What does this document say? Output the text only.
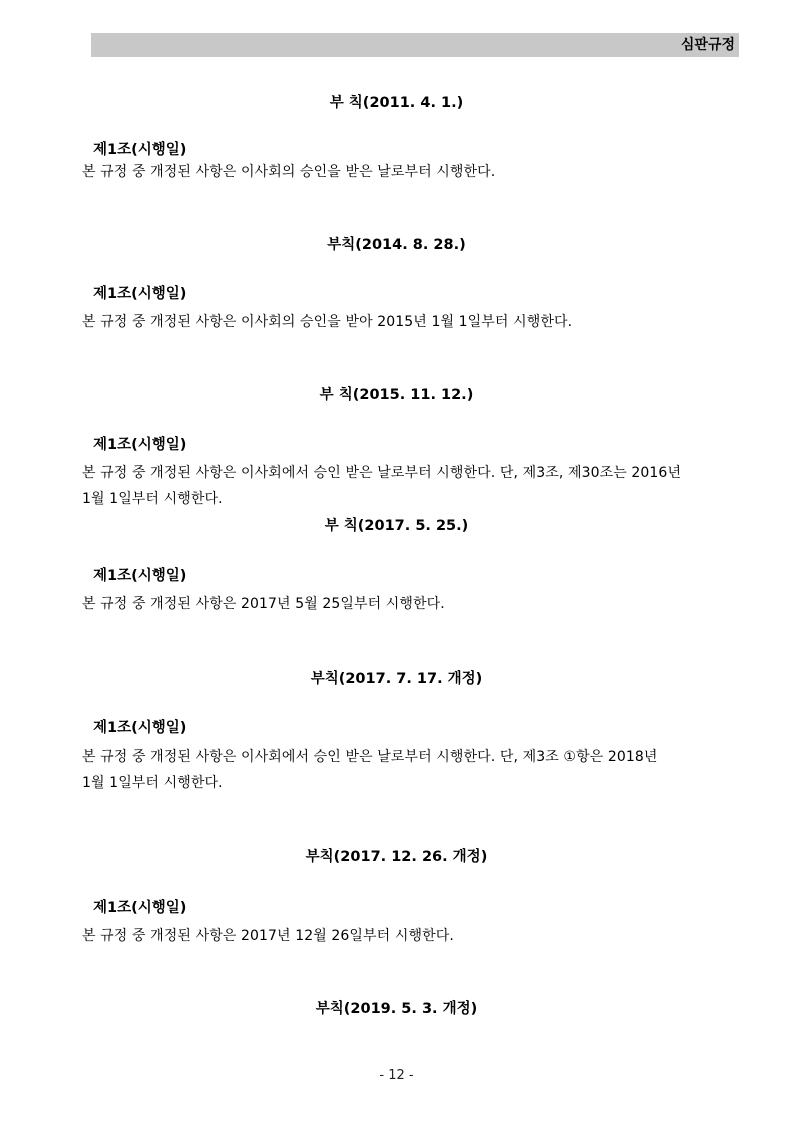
심판규정
부 칙(2011. 4. 1.)
제1조(시행일)
본 규정 중 개정된 사항은 이사회의 승인을 받은 날로부터 시행한다.
부칙(2014. 8. 28.)
제1조(시행일)
본 규정 중 개정된 사항은 이사회의 승인을 받아 2015년 1월 1일부터 시행한다.
부 칙(2015. 11. 12.)
제1조(시행일)
본 규정 중 개정된 사항은 이사회에서 승인 받은 날로부터 시행한다. 단, 제3조, 제30조는 2016년
1월 1일부터 시행한다.
부 칙(2017. 5. 25.)
제1조(시행일)
본 규정 중 개정된 사항은 2017년 5월 25일부터 시행한다.
부칙(2017. 7. 17. 개정)
제1조(시행일)
본 규정 중 개정된 사항은 이사회에서 승인 받은 날로부터 시행한다. 단, 제3조 ①항은 2018년
1월 1일부터 시행한다.
부칙(2017. 12. 26. 개정)
제1조(시행일)
본 규정 중 개정된 사항은 2017년 12월 26일부터 시행한다.
부칙(2019. 5. 3. 개정)
- 12 -
